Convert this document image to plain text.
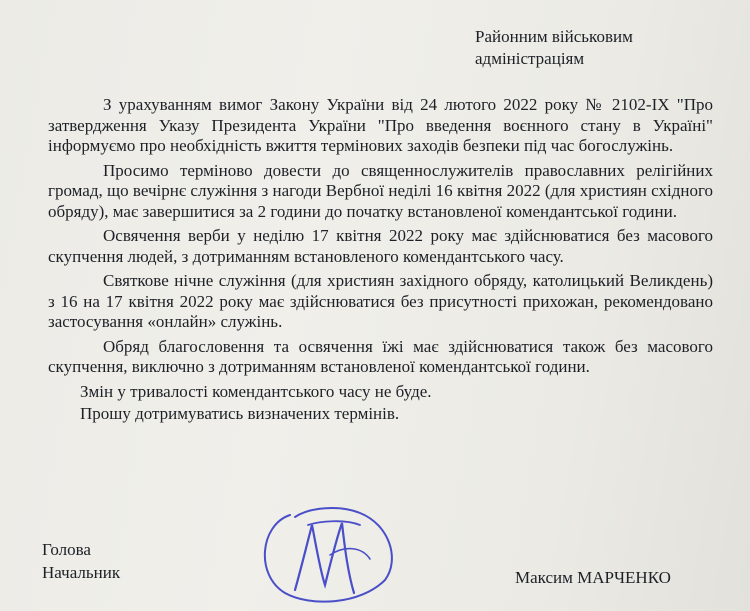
Районним військовим
адміністраціям

З урахуванням вимог Закону України від 24 лютого 2022 року № 2102-ІХ "Про затвердження Указу Президента України "Про введення воєнного стану в Україні" інформуємо про необхідність вжиття термінових заходів безпеки під час богослужінь.

Просимо терміново довести до священнослужителів православних релігійних громад, що вечірнє служіння з нагоди Вербної неділі 16 квітня 2022 (для християн східного обряду), має завершитися за 2 години до початку встановленої комендантської години.

Освячення верби у неділю 17 квітня 2022 року має здійснюватися без масового скупчення людей, з дотриманням встановленого комендантського часу.

Святкове нічне служіння (для християн західного обряду, католицький Великдень) з 16 на 17 квітня 2022 року має здійснюватися без присутності прихожан, рекомендовано застосування «онлайн» служінь.

Обряд благословення та освячення їжі має здійснюватися також без масового скупчення, виключно з дотриманням встановленої комендантської години.

Змін у тривалості комендантського часу не буде.

Прошу дотримуватись визначених термінів.

Голова
Начальник	Максим МАРЧЕНКО
